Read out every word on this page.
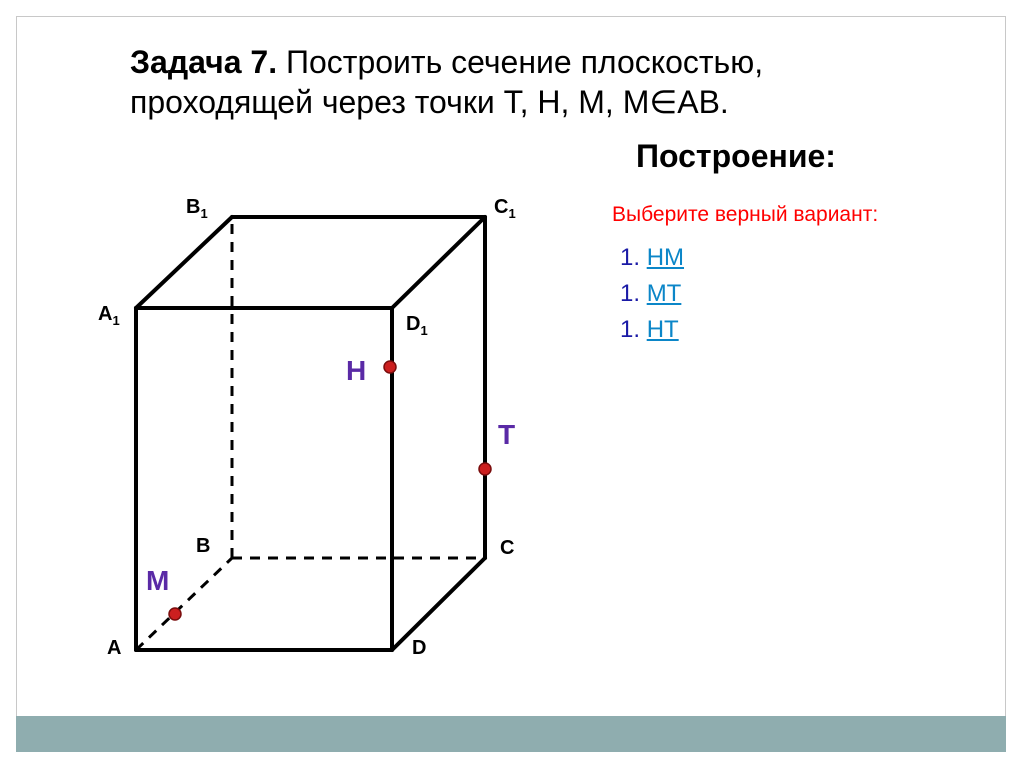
Задача 7. Построить сечение плоскостью,
проходящей через точки Т, Н, М, М∈АВ.
Построение:
Выберите верный вариант:
1. НМ
1. МТ
1. НТ
$B_1$	$C_1$
$A_1$	$D_1$
B	C
A	D
Н
Т
М
